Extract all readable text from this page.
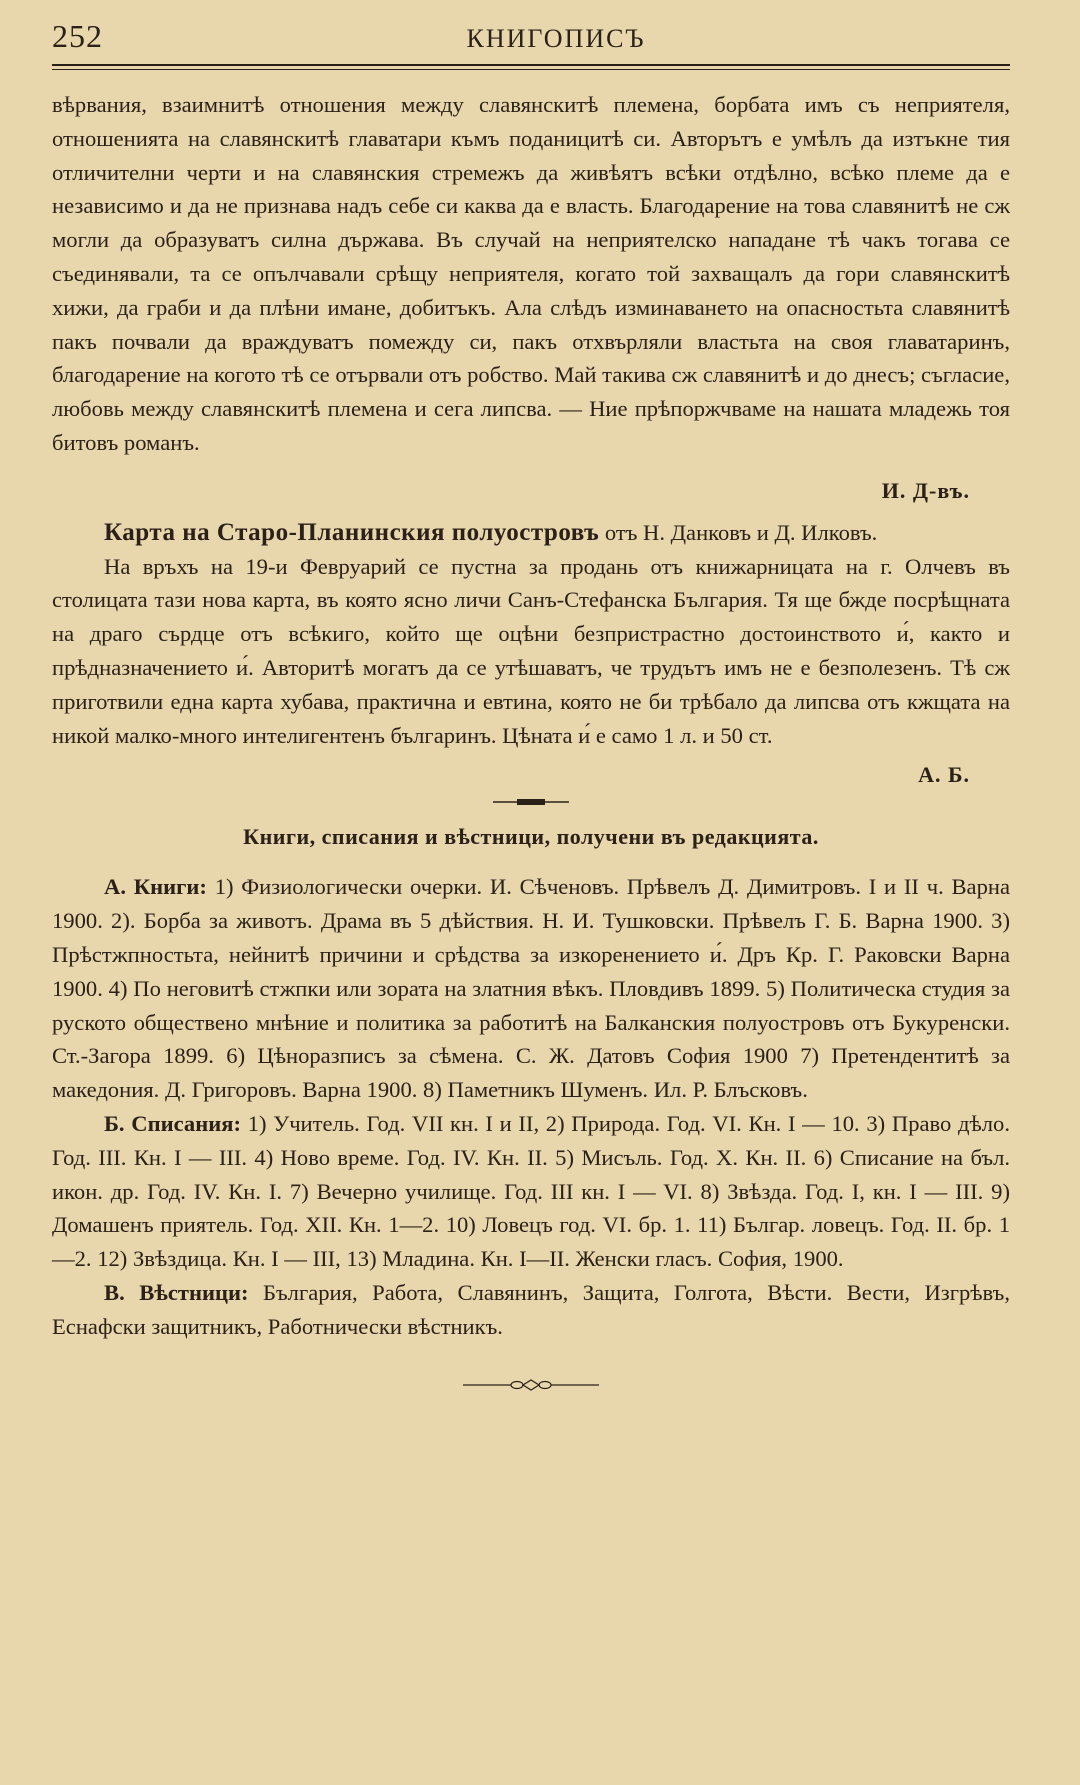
252	КНИГОПИСЪ

вѣрвания, взаимнитѣ отношения между славянскитѣ племена, борбата имъ съ неприятеля, отношенията на славянскитѣ главатари къмъ поданицитѣ си. Авторътъ е умѣлъ да изтъкне тия отличителни черти и на славянския стремежъ да живѣятъ всѣки отдѣлно, всѣко племе да е независимо и да не признава надъ себе си каква да е власть. Благодарение на това славянитѣ не сж могли да образуватъ силна държава. Въ случай на неприятелско нападане тѣ чакъ тогава се съединявали, та се опълчавали срѣщу неприятеля, когато той захващалъ да гори славянскитѣ хижи, да граби и да плѣни имане, добитъкъ. Ала слѣдъ изминаването на опасностьта славянитѣ пакъ почвали да враждуватъ помежду си, пакъ отхвърляли властьта на своя главатаринъ, благодарение на когото тѣ се отървали отъ робство. Май такива сж славянитѣ и до днесъ; съгласие, любовь между славянскитѣ племена и сега липсва. — Ние прѣпоржчваме на нашата младежь тоя битовъ романъ.

И. Д-въ.

Карта на Старо-Планинския полуостровъ отъ Н. Данковъ и Д. Илковъ.

На връхъ на 19-и Февруарий се пустна за продань отъ книжарницата на г. Олчевъ въ столицата тази нова карта, въ която ясно личи Санъ-Стефанска България. Тя ще бжде посрѣщната на драго сърдце отъ всѣкиго, който ще оцѣни безпристрастно достоинството и́, както и прѣдназначението и́. Авторитѣ могатъ да се утѣшаватъ, че трудътъ имъ не е безполезенъ. Тѣ сж приготвили една карта хубава, практична и евтина, която не би трѣбало да липсва отъ кжщата на никой малко-много интелигентенъ българинъ. Цѣната и́ е само 1 л. и 50 ст.

А. Б.
Книги, списания и вѣстници, получени въ редакцията.

А. Книги: 1) Физиологически очерки. И. Сѣченовъ. Прѣвелъ Д. Димитровъ. I и II ч. Варна 1900. 2). Борба за животъ. Драма въ 5 дѣйствия. Н. И. Тушковски. Прѣвелъ Г. Б. Варна 1900. 3) Прѣстжпностьта, нейнитѣ причини и срѣдства за изкоренението и́. Дръ Кр. Г. Раковски Варна 1900. 4) По неговитѣ стжпки или зората на златния вѣкъ. Пловдивъ 1899. 5) Политическа студия за руското обществено мнѣние и политика за работитѣ на Балканския полуостровъ отъ Букуренски. Ст.-Загора 1899. 6) Цѣноразписъ за сѣмена. С. Ж. Датовъ София 1900 7) Претендентитѣ за македония. Д. Григоровъ. Варна 1900. 8) Паметникъ Шуменъ. Ил. Р. Блъсковъ.

Б. Списания: 1) Учитель. Год. VII кн. I и II, 2) Природа. Год. VI. Кн. I — 10. 3) Право дѣло. Год. III. Кн. I — III. 4) Ново време. Год. IV. Кн. II. 5) Мисъль. Год. X. Кн. II. 6) Списание на бъл. икон. др. Год. IV. Кн. I. 7) Вечерно училище. Год. III кн. I — VI. 8) Звѣзда. Год. I, кн. I — III. 9) Домашенъ приятель. Год. XII. Кн. 1—2. 10) Ловецъ год. VI. бр. 1. 11) Българ. ловецъ. Год. II. бр. 1—2. 12) Звѣздица. Кн. I — III, 13) Младина. Кн. I—II. Женски гласъ. София, 1900.

В. Вѣстници: България, Работа, Славянинъ, Защита, Голгота, Вѣсти. Вести, Изгрѣвъ, Еснафски защитникъ, Работнически вѣстникъ.
